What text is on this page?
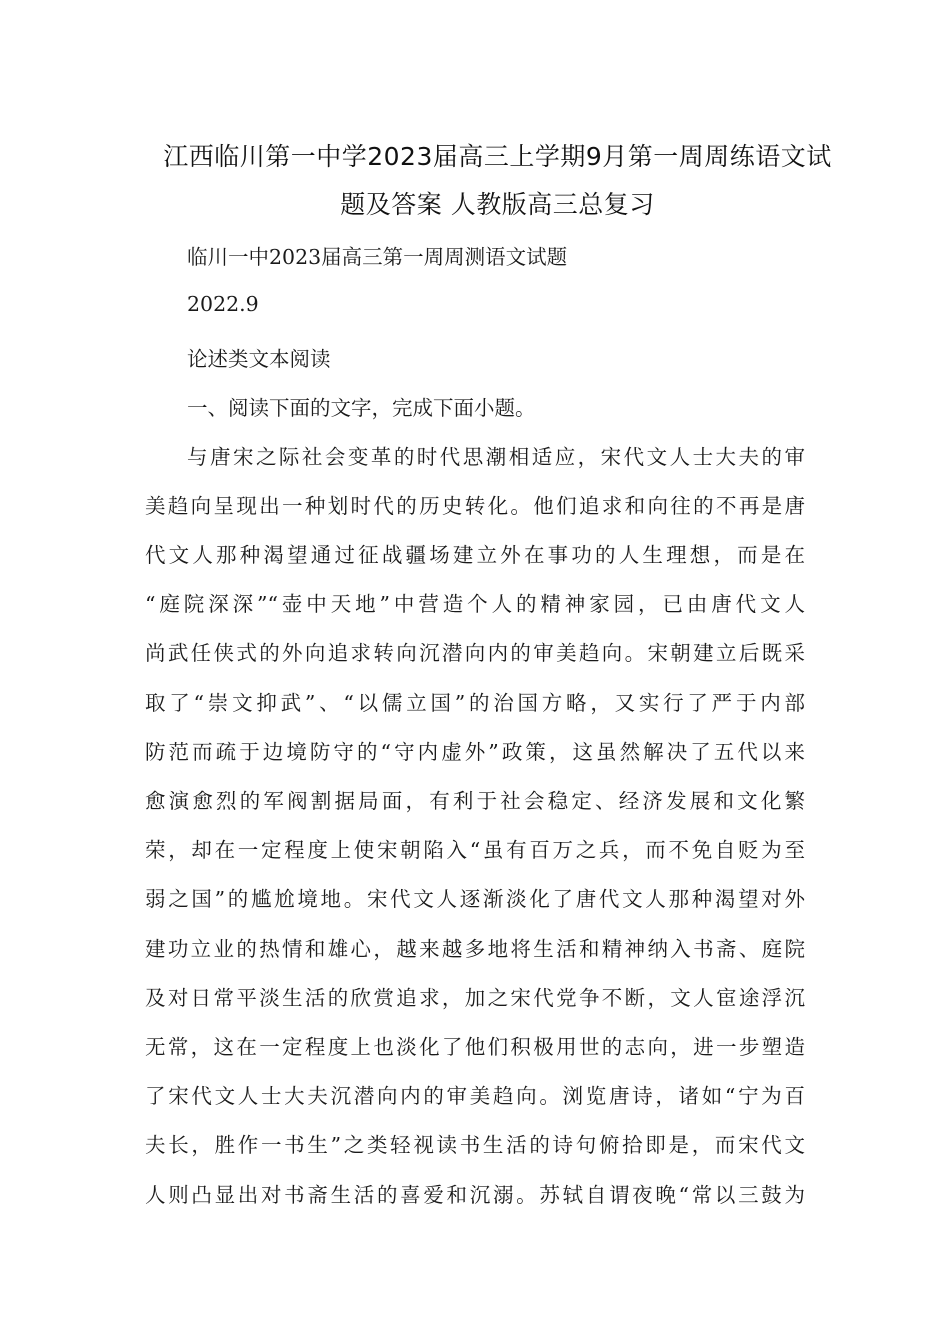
江西临川第一中学2023届高三上学期9月第一周周练语文试
题及答案 人教版高三总复习
临川一中2023届高三第一周周测语文试题
2022.9
论述类文本阅读
一、阅读下面的文字，完成下面小题。
与唐宋之际社会变革的时代思潮相适应，宋代文人士大夫的审
美趋向呈现出一种划时代的历史转化。他们追求和向往的不再是唐
代文人那种渴望通过征战疆场建立外在事功的人生理想，而是在
“庭院深深”“壶中天地”中营造个人的精神家园，已由唐代文人
尚武任侠式的外向追求转向沉潜向内的审美趋向。宋朝建立后既采
取了“崇文抑武”、“以儒立国”的治国方略，又实行了严于内部
防范而疏于边境防守的“守内虚外”政策，这虽然解决了五代以来
愈演愈烈的军阀割据局面，有利于社会稳定、经济发展和文化繁
荣，却在一定程度上使宋朝陷入“虽有百万之兵，而不免自贬为至
弱之国”的尴尬境地。宋代文人逐渐淡化了唐代文人那种渴望对外
建功立业的热情和雄心，越来越多地将生活和精神纳入书斋、庭院
及对日常平淡生活的欣赏追求，加之宋代党争不断，文人宦途浮沉
无常，这在一定程度上也淡化了他们积极用世的志向，进一步塑造
了宋代文人士大夫沉潜向内的审美趋向。浏览唐诗，诸如“宁为百
夫长，胜作一书生”之类轻视读书生活的诗句俯拾即是，而宋代文
人则凸显出对书斋生活的喜爱和沉溺。苏轼自谓夜晚“常以三鼓为
